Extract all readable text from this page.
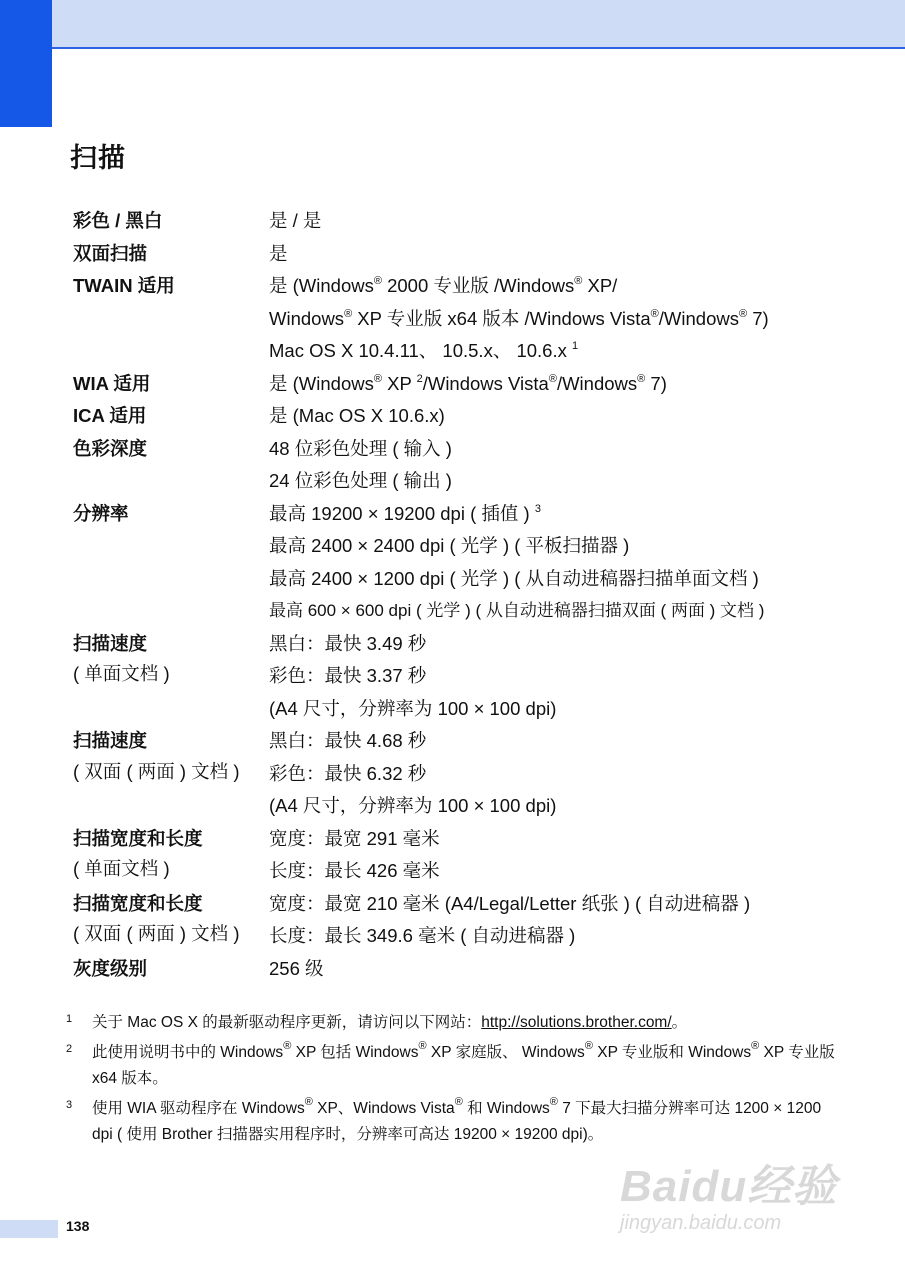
扫描
彩色 / 黑白	是 / 是

双面扫描	是

TWAIN 适用	是 (Windows® 2000 专业版 /Windows® XP/
Windows® XP 专业版 x64 版本 /Windows Vista®/Windows® 7)
Mac OS X 10.4.11、 10.5.x、 10.6.x $^1$

WIA 适用	是 (Windows® XP $^2$/Windows Vista®/Windows® 7)

ICA 适用	是 (Mac OS X 10.6.x)

色彩深度	48 位彩色处理 ( 输入 )
24 位彩色处理 ( 输出 )

分辨率	最高 19200 × 19200 dpi ( 插值 ) $^3$
最高 2400 × 2400 dpi ( 光学 ) ( 平板扫描器 )
最高 2400 × 1200 dpi ( 光学 ) ( 从自动进稿器扫描单面文档 )
最高 600 × 600 dpi ( 光学 ) ( 从自动进稿器扫描双面 ( 两面 ) 文档 )

扫描速度
( 单面文档 )	黑白：最快 3.49 秒
彩色：最快 3.37 秒
(A4 尺寸，分辨率为 100 × 100 dpi)

扫描速度
( 双面 ( 两面 ) 文档 )	黑白：最快 4.68 秒
彩色：最快 6.32 秒
(A4 尺寸，分辨率为 100 × 100 dpi)

扫描宽度和长度
( 单面文档 )	宽度：最宽 291 毫米
长度：最长 426 毫米

扫描宽度和长度
( 双面 ( 两面 ) 文档 )	宽度：最宽 210 毫米 (A4/Legal/Letter 纸张 ) ( 自动进稿器 )
长度：最长 349.6 毫米 ( 自动进稿器 )

灰度级别	256 级
1	关于 Mac OS X 的最新驱动程序更新，请访问以下网站：http://solutions.brother.com/。
2	此使用说明书中的 Windows® XP 包括 Windows® XP 家庭版、 Windows® XP 专业版和 Windows® XP 专业版 x64 版本。
3	使用 WIA 驱动程序在 Windows® XP、Windows Vista® 和 Windows® 7 下最大扫描分辨率可达 1200 × 1200 dpi ( 使用 Brother 扫描器实用程序时，分辨率可高达 19200 × 19200 dpi)。
138
Baidu经验
jingyan.baidu.com
